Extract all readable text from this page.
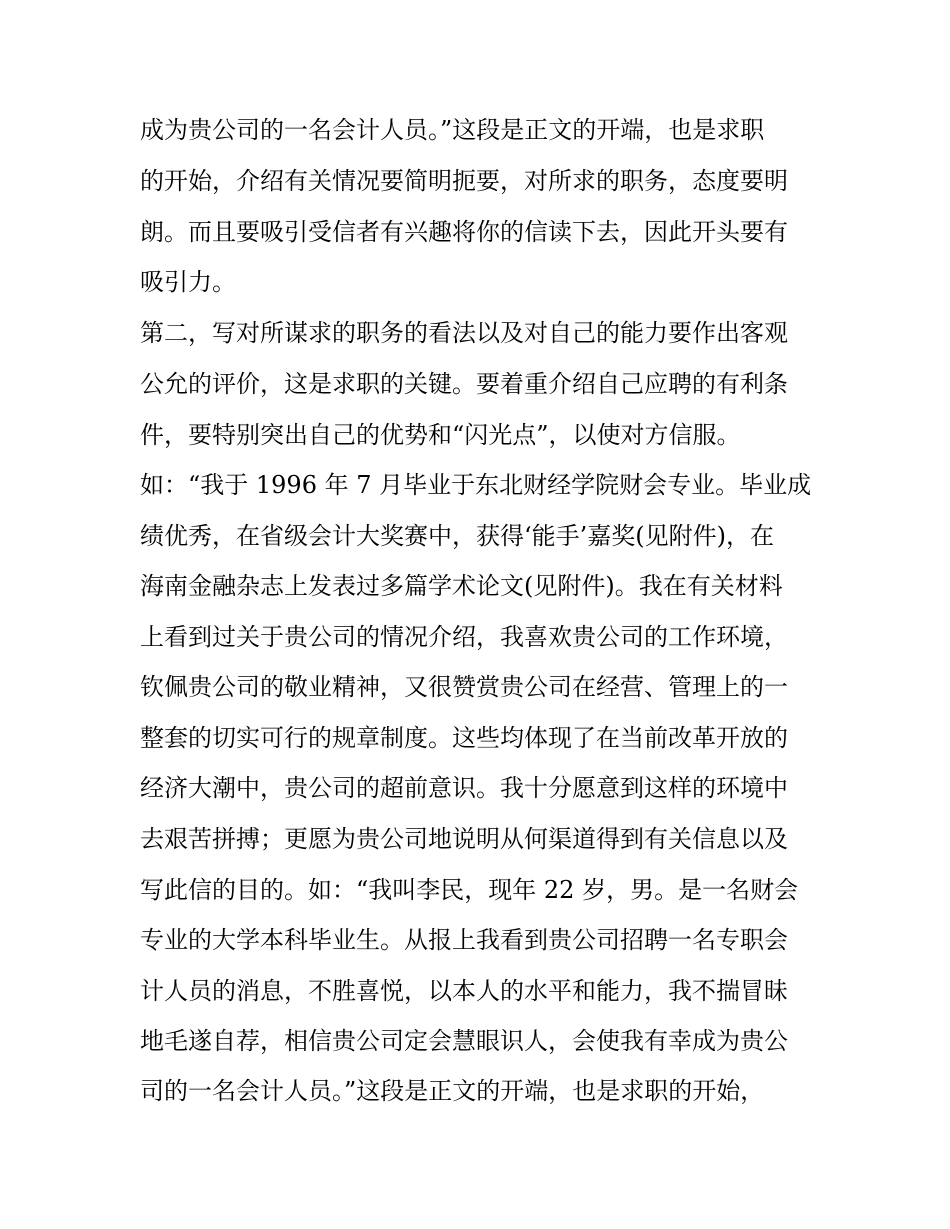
成为贵公司的一名会计人员。”这段是正文的开端，也是求职
的开始，介绍有关情况要简明扼要，对所求的职务，态度要明
朗。而且要吸引受信者有兴趣将你的信读下去，因此开头要有
吸引力。
第二，写对所谋求的职务的看法以及对自己的能力要作出客观
公允的评价，这是求职的关键。要着重介绍自己应聘的有利条
件，要特别突出自己的优势和“闪光点”，以使对方信服。
如：“我于 1996 年 7 月毕业于东北财经学院财会专业。毕业成
绩优秀，在省级会计大奖赛中，获得‘能手’嘉奖(见附件)，在
海南金融杂志上发表过多篇学术论文(见附件)。我在有关材料
上看到过关于贵公司的情况介绍，我喜欢贵公司的工作环境，
钦佩贵公司的敬业精神，又很赞赏贵公司在经营、管理上的一
整套的切实可行的规章制度。这些均体现了在当前改革开放的
经济大潮中，贵公司的超前意识。我十分愿意到这样的环境中
去艰苦拼搏；更愿为贵公司地说明从何渠道得到有关信息以及
写此信的目的。如：“我叫李民，现年 22 岁，男。是一名财会
专业的大学本科毕业生。从报上我看到贵公司招聘一名专职会
计人员的消息，不胜喜悦，以本人的水平和能力，我不揣冒昧
地毛遂自荐，相信贵公司定会慧眼识人，会使我有幸成为贵公
司的一名会计人员。”这段是正文的开端，也是求职的开始，
